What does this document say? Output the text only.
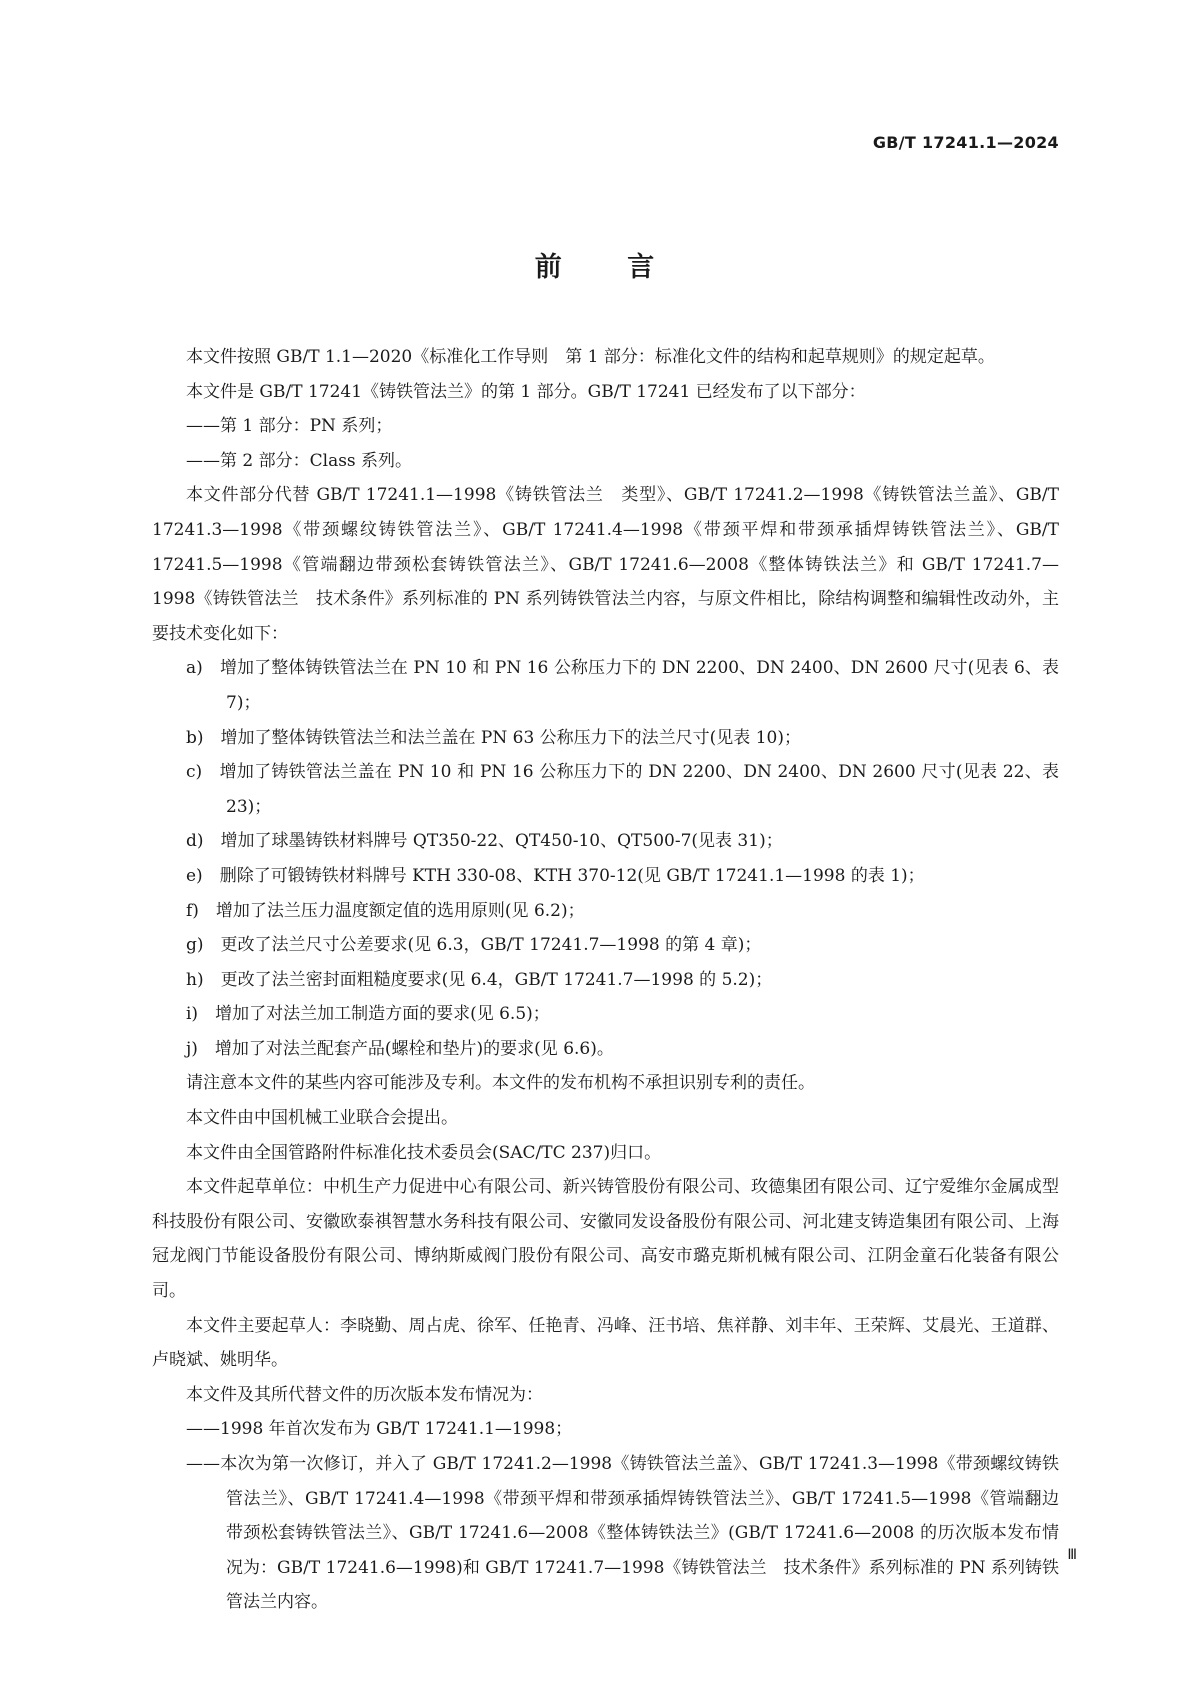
GB/T 17241.1—2024
前 言

本文件按照 GB/T 1.1—2020《标准化工作导则　第 1 部分：标准化文件的结构和起草规则》的规定起草。

本文件是 GB/T 17241《铸铁管法兰》的第 1 部分。GB/T 17241 已经发布了以下部分：

——第 1 部分：PN 系列；

——第 2 部分：Class 系列。

本文件部分代替 GB/T 17241.1—1998《铸铁管法兰　类型》、GB/T 17241.2—1998《铸铁管法兰盖》、GB/T 17241.3—1998《带颈螺纹铸铁管法兰》、GB/T 17241.4—1998《带颈平焊和带颈承插焊铸铁管法兰》、GB/T 17241.5—1998《管端翻边带颈松套铸铁管法兰》、GB/T 17241.6—2008《整体铸铁法兰》和 GB/T 17241.7—1998《铸铁管法兰　技术条件》系列标准的 PN 系列铸铁管法兰内容，与原文件相比，除结构调整和编辑性改动外，主要技术变化如下：

a)　增加了整体铸铁管法兰在 PN 10 和 PN 16 公称压力下的 DN 2200、DN 2400、DN 2600 尺寸(见表 6、表 7)；

b)　增加了整体铸铁管法兰和法兰盖在 PN 63 公称压力下的法兰尺寸(见表 10)；

c)　增加了铸铁管法兰盖在 PN 10 和 PN 16 公称压力下的 DN 2200、DN 2400、DN 2600 尺寸(见表 22、表 23)；

d)　增加了球墨铸铁材料牌号 QT350-22、QT450-10、QT500-7(见表 31)；

e)　删除了可锻铸铁材料牌号 KTH 330-08、KTH 370-12(见 GB/T 17241.1—1998 的表 1)；

f)　增加了法兰压力温度额定值的选用原则(见 6.2)；

g)　更改了法兰尺寸公差要求(见 6.3，GB/T 17241.7—1998 的第 4 章)；

h)　更改了法兰密封面粗糙度要求(见 6.4，GB/T 17241.7—1998 的 5.2)；

i)　增加了对法兰加工制造方面的要求(见 6.5)；

j)　增加了对法兰配套产品(螺栓和垫片)的要求(见 6.6)。

请注意本文件的某些内容可能涉及专利。本文件的发布机构不承担识别专利的责任。

本文件由中国机械工业联合会提出。

本文件由全国管路附件标准化技术委员会(SAC/TC 237)归口。

本文件起草单位：中机生产力促进中心有限公司、新兴铸管股份有限公司、玫德集团有限公司、辽宁爱维尔金属成型科技股份有限公司、安徽欧泰祺智慧水务科技有限公司、安徽同发设备股份有限公司、河北建支铸造集团有限公司、上海冠龙阀门节能设备股份有限公司、博纳斯威阀门股份有限公司、高安市璐克斯机械有限公司、江阴金童石化装备有限公司。

本文件主要起草人：李晓勤、周占虎、徐军、任艳青、冯峰、汪书培、焦祥静、刘丰年、王荣辉、艾晨光、王道群、卢晓斌、姚明华。

本文件及其所代替文件的历次版本发布情况为：

——1998 年首次发布为 GB/T 17241.1—1998；

——本次为第一次修订，并入了 GB/T 17241.2—1998《铸铁管法兰盖》、GB/T 17241.3—1998《带颈螺纹铸铁管法兰》、GB/T 17241.4—1998《带颈平焊和带颈承插焊铸铁管法兰》、GB/T 17241.5—1998《管端翻边带颈松套铸铁管法兰》、GB/T 17241.6—2008《整体铸铁法兰》(GB/T 17241.6—2008 的历次版本发布情况为：GB/T 17241.6—1998)和 GB/T 17241.7—1998《铸铁管法兰　技术条件》系列标准的 PN 系列铸铁管法兰内容。

Ⅲ
